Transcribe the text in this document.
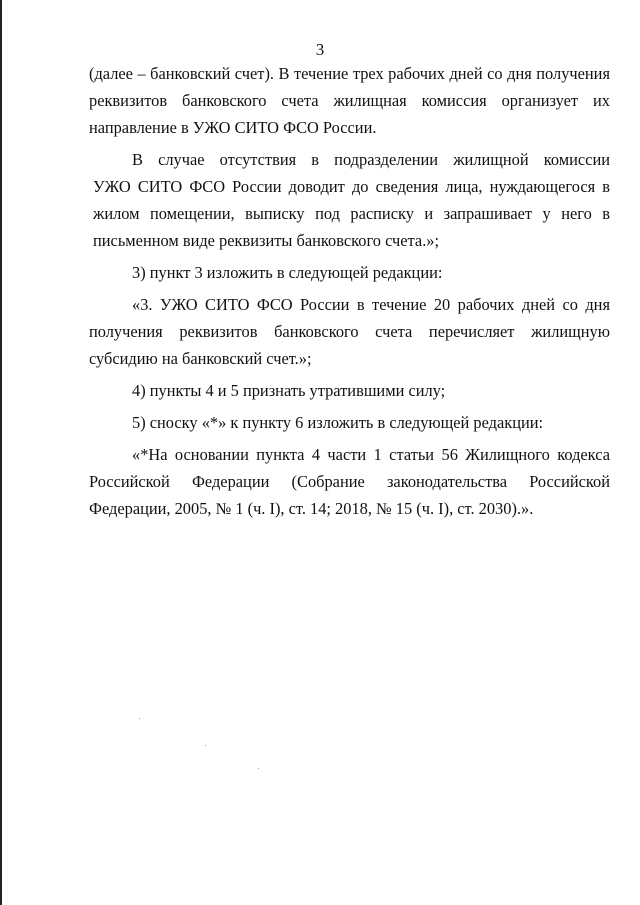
3

(далее – банковский счет). В течение трех рабочих дней со дня получения реквизитов банковского счета жилищная комиссия организует их направление в УЖО СИТО ФСО России.

В случае отсутствия в подразделении жилищной комиссии

УЖО СИТО ФСО России доводит до сведения лица, нуждающегося в жилом помещении, выписку под расписку и запрашивает у него в письменном виде реквизиты банковского счета.»;

3) пункт 3 изложить в следующей редакции:

«3. УЖО СИТО ФСО России в течение 20 рабочих дней со дня получения реквизитов банковского счета перечисляет жилищную субсидию на банковский счет.»;

4) пункты 4 и 5 признать утратившими силу;

5) сноску «*» к пункту 6 изложить в следующей редакции:

«*На основании пункта 4 части 1 статьи 56 Жилищного кодекса Российской Федерации (Собрание законодательства Российской Федерации, 2005, № 1 (ч. I), ст. 14; 2018, № 15 (ч. I), ст. 2030).».
